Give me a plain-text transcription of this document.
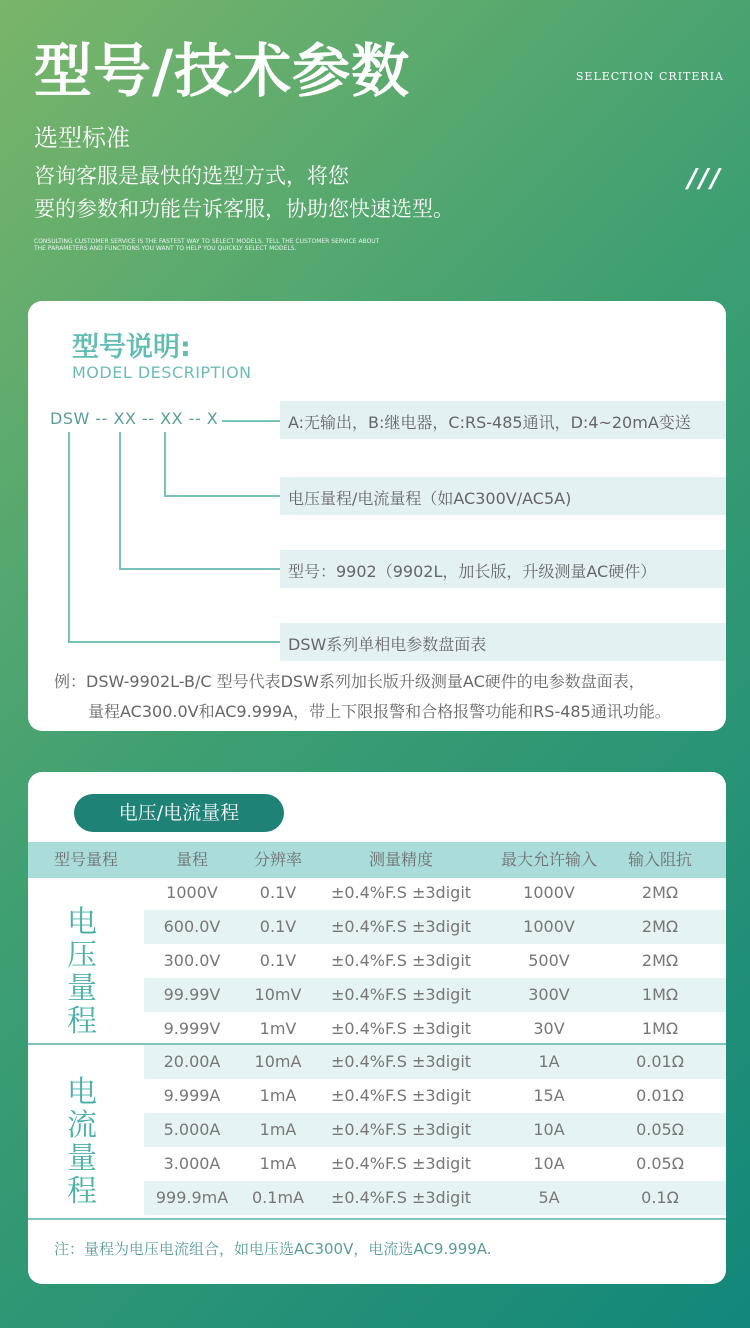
型号/技术参数	SELECTION CRITERIA
选型标准
咨询客服是最快的选型方式，将您
要的参数和功能告诉客服，协助您快速选型。
///
CONSULTING CUSTOMER SERVICE IS THE FASTEST WAY TO SELECT MODELS. TELL THE CUSTOMER SERVICE ABOUT
THE PARAMETERS AND FUNCTIONS YOU WANT TO HELP YOU QUICKLY SELECT MODELS.
型号说明:
MODEL DESCRIPTION
DSW -- XX -- XX -- X	A:无输出，B:继电器，C:RS-485通讯，D:4~20mA变送
电压量程/电流量程（如AC300V/AC5A)
型号：9902（9902L，加长版，升级测量AC硬件）
DSW系列单相电参数盘面表
例：DSW-9902L-B/C 型号代表DSW系列加长版升级测量AC硬件的电参数盘面表，
量程AC300.0V和AC9.999A，带上下限报警和合格报警功能和RS-485通讯功能。
电压/电流量程
型号量程	量程	分辨率	测量精度	最大允许输入	输入阻抗
1000V	0.1V	±0.4%F.S ±3digit	1000V	2MΩ
600.0V	0.1V	±0.4%F.S ±3digit	1000V	2MΩ
300.0V	0.1V	±0.4%F.S ±3digit	500V	2MΩ
99.99V	10mV	±0.4%F.S ±3digit	300V	1MΩ
9.999V	1mV	±0.4%F.S ±3digit	30V	1MΩ
电
压
量
程
20.00A	10mA	±0.4%F.S ±3digit	1A	0.01Ω
9.999A	1mA	±0.4%F.S ±3digit	15A	0.01Ω
5.000A	1mA	±0.4%F.S ±3digit	10A	0.05Ω
3.000A	1mA	±0.4%F.S ±3digit	10A	0.05Ω
999.9mA	0.1mA	±0.4%F.S ±3digit	5A	0.1Ω
电
流
量
程
注：量程为电压电流组合，如电压选AC300V，电流选AC9.999A.
